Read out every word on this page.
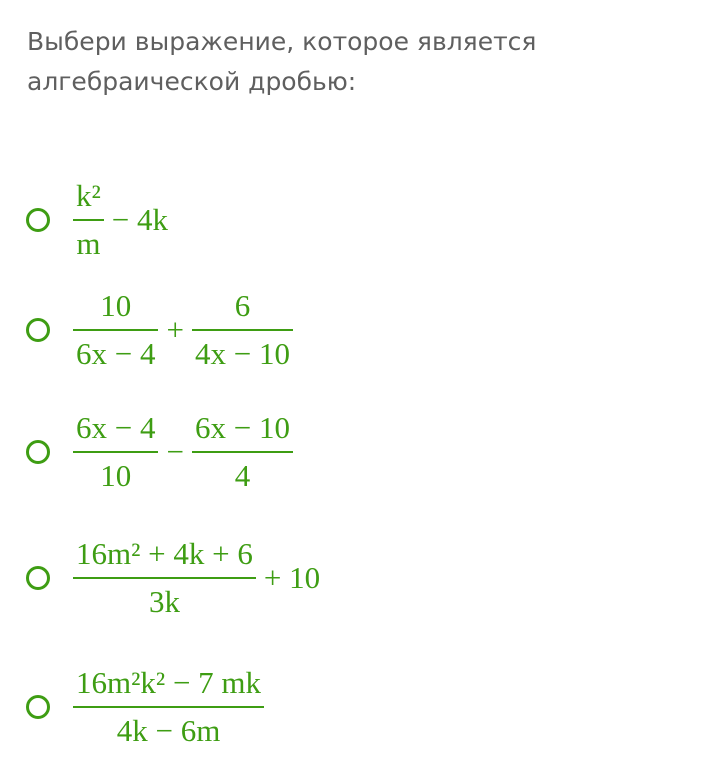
Выбери выражение, которое является алгебраической дробью:

$\frac{\text{k²}}{m} - 4k$
$\frac{10}{6x - 4} + \frac{6}{4x - 10}$
$\frac{6x - 4}{10} - \frac{6x - 10}{4}$
$\frac{\text{16m² + 4k + 6}}{3k} + 10$
$\frac{\text{16m²k² − 7 mk}}{4k - 6m}$
